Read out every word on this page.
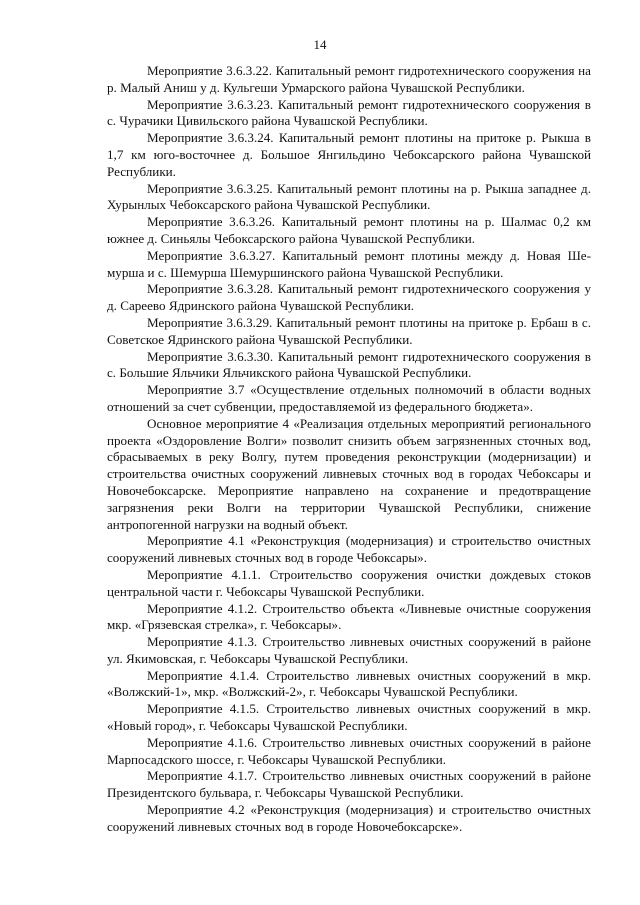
14

Мероприятие 3.6.3.22. Капитальный ремонт гидротехнического сооружения на р. Малый Аниш у д. Кульгеши Урмарского района Чувашской Республики.

Мероприятие 3.6.3.23. Капитальный ремонт гидротехнического сооружения в с. Чурачики Цивильского района Чувашской Республики.

Мероприятие 3.6.3.24. Капитальный ремонт плотины на притоке р. Рыкша в 1,7 км юго-восточнее д. Большое Янгильдино Чебоксарского района Чувашской Республики.

Мероприятие 3.6.3.25. Капитальный ремонт плотины на р. Рыкша западнее д. Хурынлых Чебоксарского района Чувашской Республики.

Мероприятие 3.6.3.26. Капитальный ремонт плотины на р. Шалмас 0,2 км южнее д. Синьялы Чебоксарского района Чувашской Республики.

Мероприятие 3.6.3.27. Капитальный ремонт плотины между д. Новая Шемурша и с. Шемурша Шемуршинского района Чувашской Республики.

Мероприятие 3.6.3.28. Капитальный ремонт гидротехнического сооружения у д. Сареево Ядринского района Чувашской Республики.

Мероприятие 3.6.3.29. Капитальный ремонт плотины на притоке р. Ербаш в с. Советское Ядринского района Чувашской Республики.

Мероприятие 3.6.3.30. Капитальный ремонт гидротехнического сооружения в с. Большие Яльчики Яльчикского района Чувашской Республики.

Мероприятие 3.7 «Осуществление отдельных полномочий в области водных отношений за счет субвенции, предоставляемой из федерального бюджета».

Основное мероприятие 4 «Реализация отдельных мероприятий регионального проекта «Оздоровление Волги» позволит снизить объем загрязненных сточных вод, сбрасываемых в реку Волгу, путем проведения реконструкции (модернизации) и строительства очистных сооружений ливневых сточных вод в городах Чебоксары и Новочебоксарске. Мероприятие направлено на сохранение и предотвращение загрязнения реки Волги на территории Чувашской Республики, снижение антропогенной нагрузки на водный объект.

Мероприятие 4.1 «Реконструкция (модернизация) и строительство очистных сооружений ливневых сточных вод в городе Чебоксары».

Мероприятие 4.1.1. Строительство сооружения очистки дождевых стоков центральной части г. Чебоксары Чувашской Республики.

Мероприятие 4.1.2. Строительство объекта «Ливневые очистные сооружения мкр. «Грязевская стрелка», г. Чебоксары».

Мероприятие 4.1.3. Строительство ливневых очистных сооружений в районе ул. Якимовская, г. Чебоксары Чувашской Республики.

Мероприятие 4.1.4. Строительство ливневых очистных сооружений в мкр. «Волжский-1», мкр. «Волжский-2», г. Чебоксары Чувашской Республики.

Мероприятие 4.1.5. Строительство ливневых очистных сооружений в мкр. «Новый город», г. Чебоксары Чувашской Республики.

Мероприятие 4.1.6. Строительство ливневых очистных сооружений в районе Марпосадского шоссе, г. Чебоксары Чувашской Республики.

Мероприятие 4.1.7. Строительство ливневых очистных сооружений в районе Президентского бульвара, г. Чебоксары Чувашской Республики.

Мероприятие 4.2 «Реконструкция (модернизация) и строительство очистных сооружений ливневых сточных вод в городе Новочебоксарске».
